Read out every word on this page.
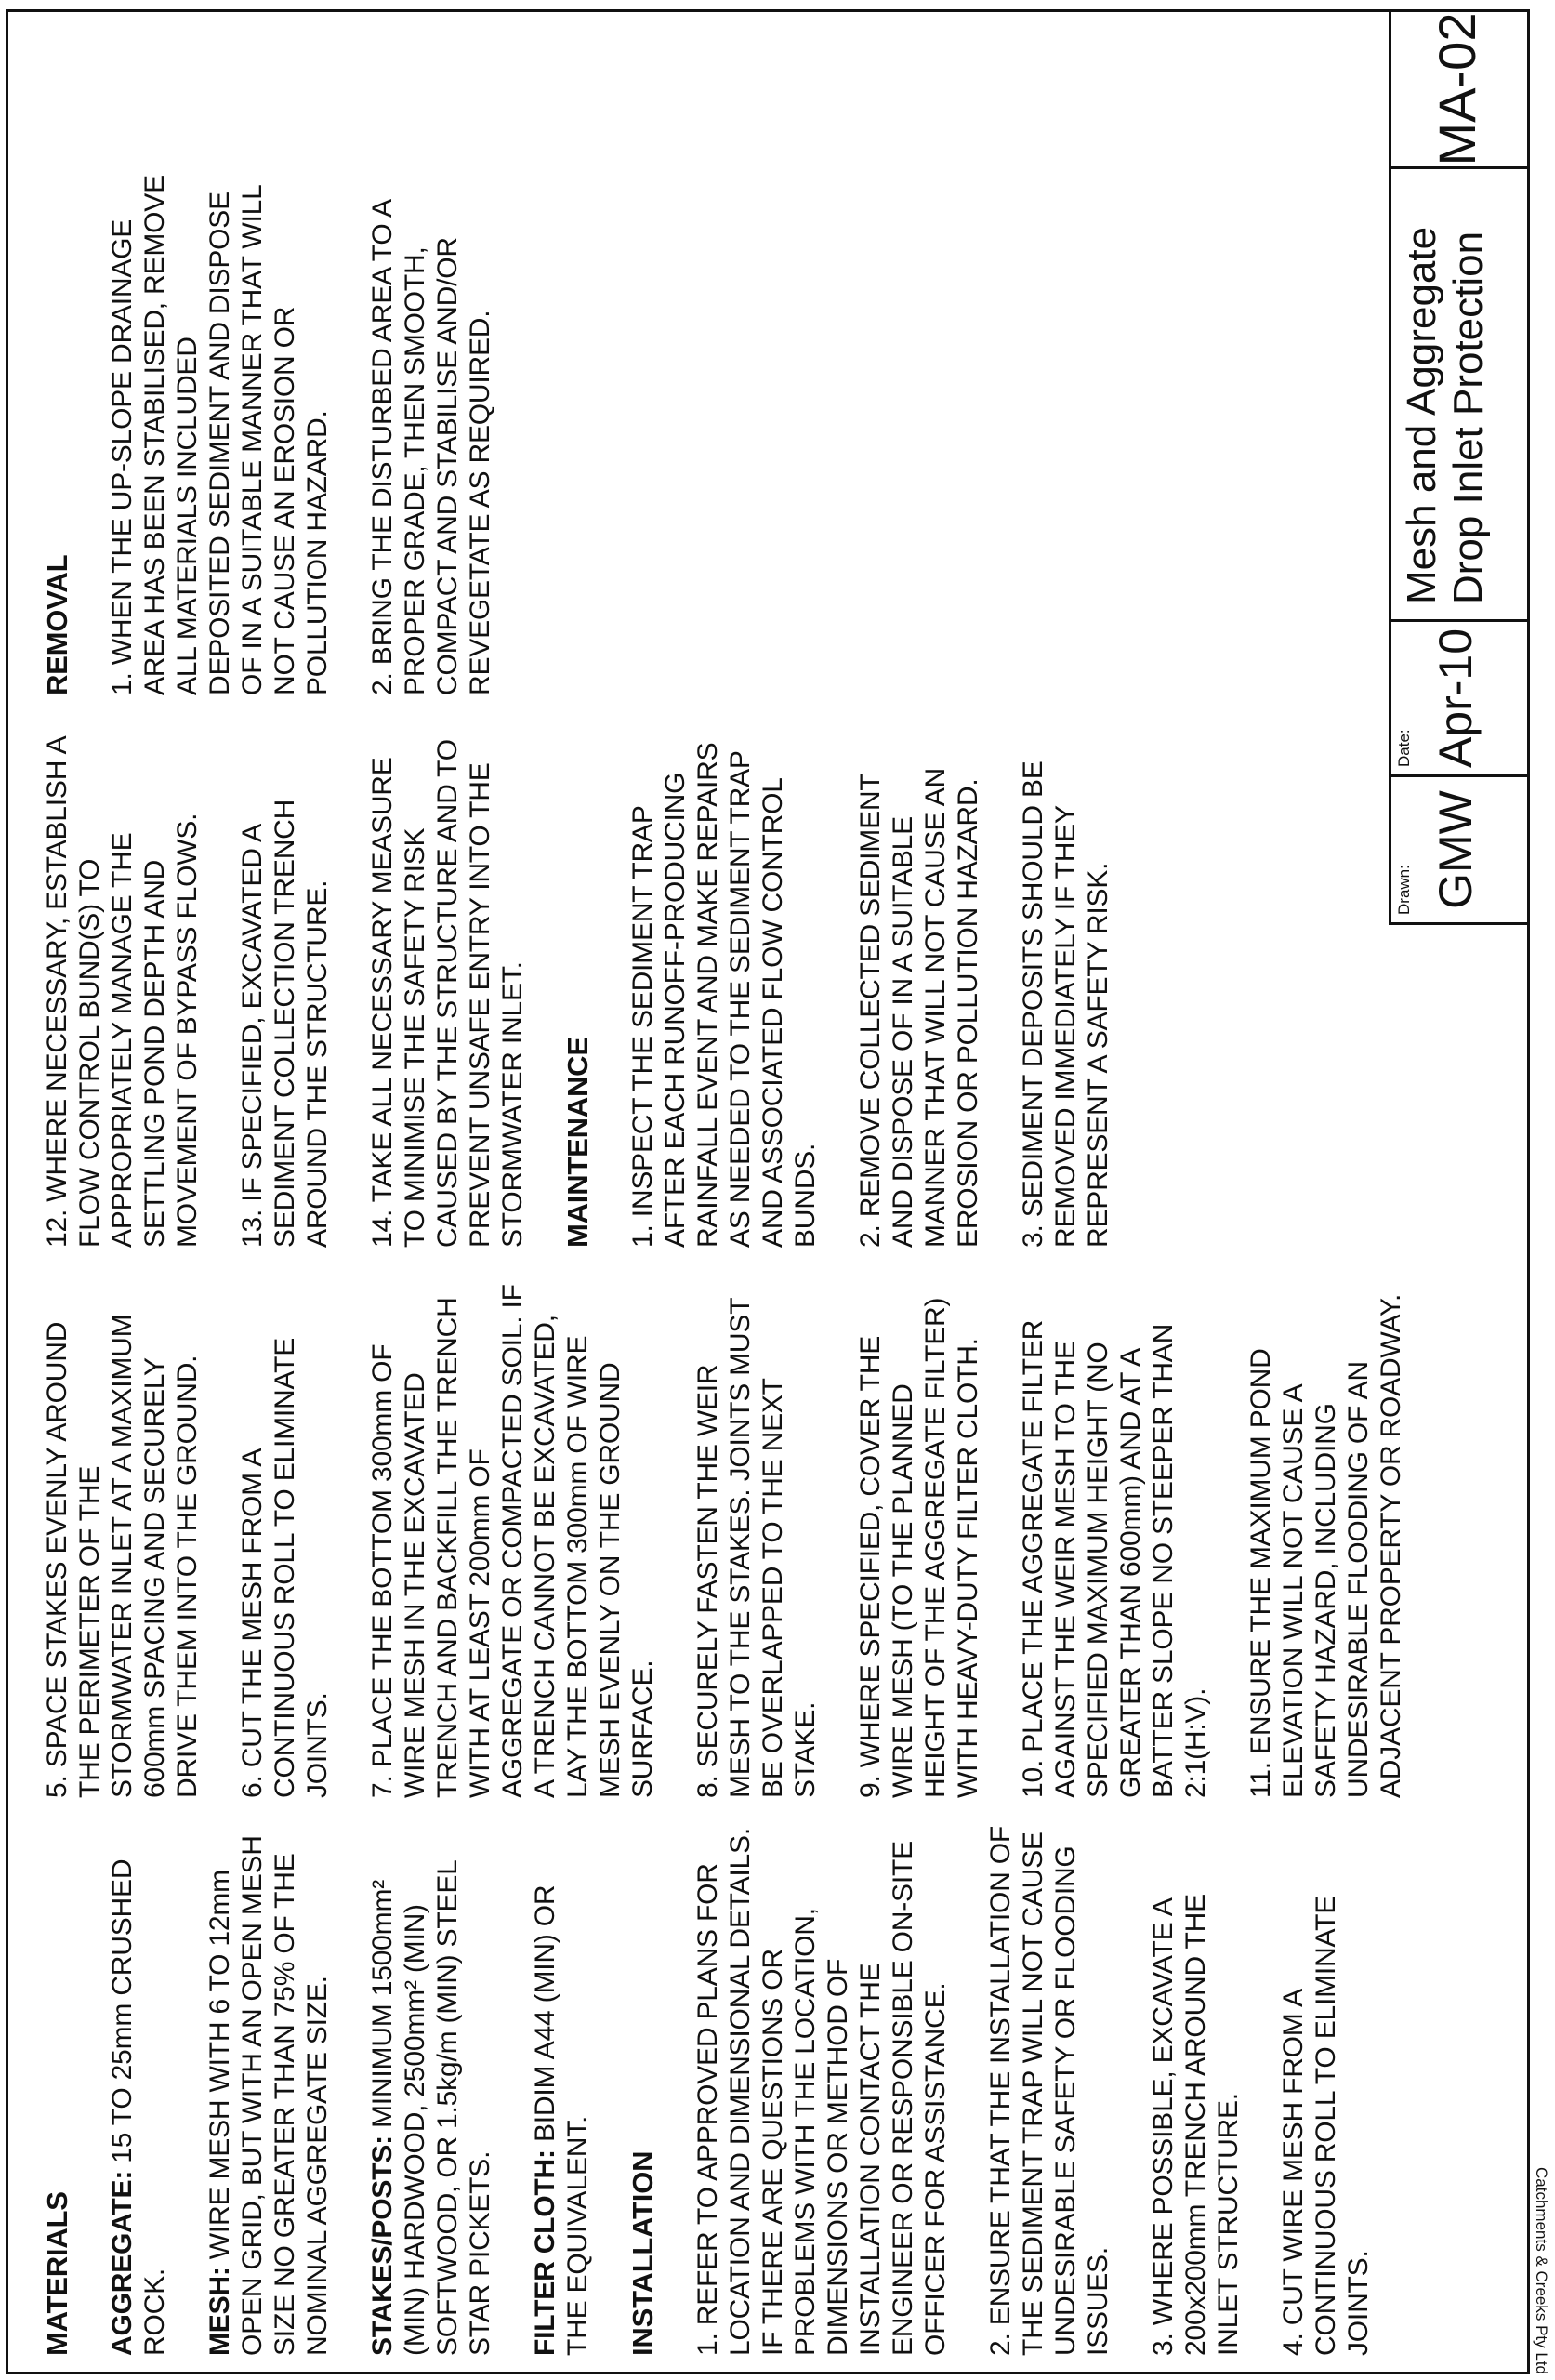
MATERIALS AGGREGATE: 15 TO 25mm CRUSHED ROCK. MESH: WIRE MESH WITH 6 TO 12mm OPEN GRID, BUT WITH AN OPEN MESH SIZE NO GREATER THAN 75% OF THE NOMINAL AGGREGATE SIZE. STAKES/POSTS: MINIMUM 1500mm² (MIN) HARDWOOD, 2500mm² (MIN) SOFTWOOD, OR 1.5kg/m (MIN) STEEL STAR PICKETS. FILTER CLOTH: BIDIM A44 (MIN) OR THE EQUIVALENT. INSTALLATION 1. REFER TO APPROVED PLANS FOR LOCATION AND DIMENSIONAL DETAILS. IF THERE ARE QUESTIONS OR PROBLEMS WITH THE LOCATION, DIMENSIONS OR METHOD OF INSTALLATION CONTACT THE ENGINEER OR RESPONSIBLE ON-SITE OFFICER FOR ASSISTANCE. 2. ENSURE THAT THE INSTALLATION OF THE SEDIMENT TRAP WILL NOT CAUSE UNDESIRABLE SAFETY OR FLOODING ISSUES. 3. WHERE POSSIBLE, EXCAVATE A 200x200mm TRENCH AROUND THE INLET STRUCTURE. 4. CUT WIRE MESH FROM A CONTINUOUS ROLL TO ELIMINATE JOINTS.

5. SPACE STAKES EVENLY AROUND THE PERIMETER OF THE STORMWATER INLET AT A MAXIMUM 600mm SPACING AND SECURELY DRIVE THEM INTO THE GROUND. 6. CUT THE MESH FROM A CONTINUOUS ROLL TO ELIMINATE JOINTS. 7. PLACE THE BOTTOM 300mm OF WIRE MESH IN THE EXCAVATED TRENCH AND BACKFILL THE TRENCH WITH AT LEAST 200mm OF AGGREGATE OR COMPACTED SOIL. IF A TRENCH CANNOT BE EXCAVATED, LAY THE BOTTOM 300mm OF WIRE MESH EVENLY ON THE GROUND SURFACE. 8. SECURELY FASTEN THE WEIR MESH TO THE STAKES. JOINTS MUST BE OVERLAPPED TO THE NEXT STAKE. 9. WHERE SPECIFIED, COVER THE WIRE MESH (TO THE PLANNED HEIGHT OF THE AGGREGATE FILTER) WITH HEAVY-DUTY FILTER CLOTH. 10. PLACE THE AGGREGATE FILTER AGAINST THE WEIR MESH TO THE SPECIFIED MAXIMUM HEIGHT (NO GREATER THAN 600mm) AND AT A BATTER SLOPE NO STEEPER THAN 2:1(H:V). 11. ENSURE THE MAXIMUM POND ELEVATION WILL NOT CAUSE A SAFETY HAZARD, INCLUDING UNDESIRABLE FLOODING OF AN ADJACENT PROPERTY OR ROADWAY.

12. WHERE NECESSARY, ESTABLISH A FLOW CONTROL BUND(S) TO APPROPRIATELY MANAGE THE SETTLING POND DEPTH AND MOVEMENT OF BYPASS FLOWS. 13. IF SPECIFIED, EXCAVATED A SEDIMENT COLLECTION TRENCH AROUND THE STRUCTURE. 14. TAKE ALL NECESSARY MEASURE TO MINIMISE THE SAFETY RISK CAUSED BY THE STRUCTURE AND TO PREVENT UNSAFE ENTRY INTO THE STORMWATER INLET. MAINTENANCE 1. INSPECT THE SEDIMENT TRAP AFTER EACH RUNOFF-PRODUCING RAINFALL EVENT AND MAKE REPAIRS AS NEEDED TO THE SEDIMENT TRAP AND ASSOCIATED FLOW CONTROL BUNDS. 2. REMOVE COLLECTED SEDIMENT AND DISPOSE OF IN A SUITABLE MANNER THAT WILL NOT CAUSE AN EROSION OR POLLUTION HAZARD. 3. SEDIMENT DEPOSITS SHOULD BE REMOVED IMMEDIATELY IF THEY REPRESENT A SAFETY RISK.

REMOVAL 1. WHEN THE UP-SLOPE DRAINAGE AREA HAS BEEN STABILISED, REMOVE ALL MATERIALS INCLUDED DEPOSITED SEDIMENT AND DISPOSE OF IN A SUITABLE MANNER THAT WILL NOT CAUSE AN EROSION OR POLLUTION HAZARD. 2. BRING THE DISTURBED AREA TO A PROPER GRADE, THEN SMOOTH, COMPACT AND STABILISE AND/OR REVEGETATE AS REQUIRED.

Drawn: GMW
Date: Apr-10
Mesh and Aggregate Drop Inlet Protection
MA-02
Catchments & Creeks Pty Ltd
